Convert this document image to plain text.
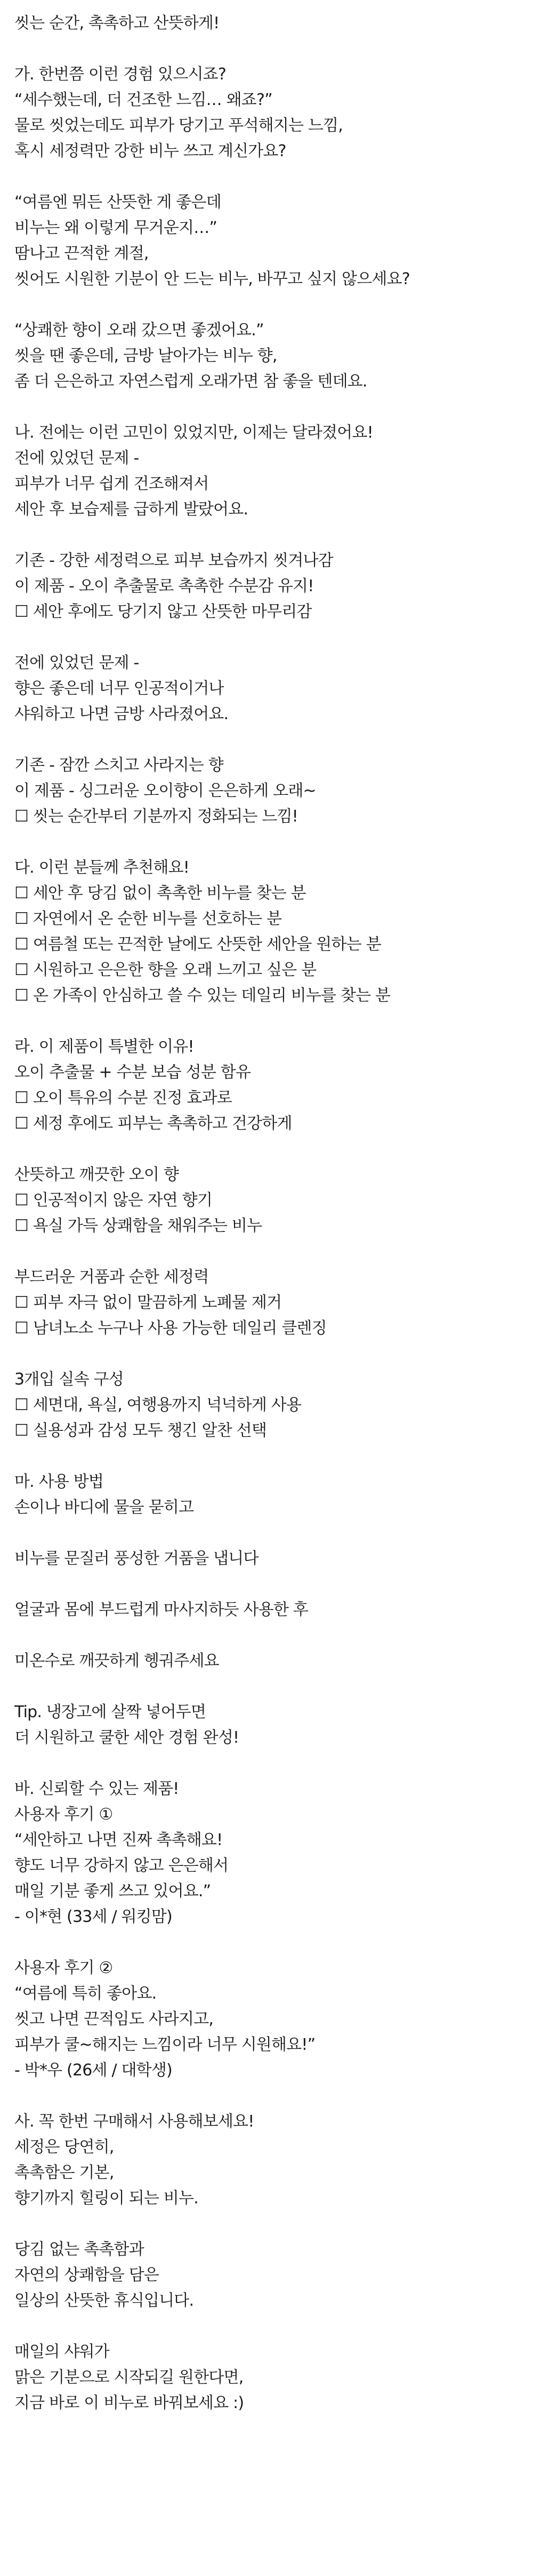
씻는 순간, 촉촉하고 산뜻하게!
가. 한번쯤 이런 경험 있으시죠?
“세수했는데, 더 건조한 느낌… 왜죠?”
물로 씻었는데도 피부가 당기고 푸석해지는 느낌,
혹시 세정력만 강한 비누 쓰고 계신가요?
“여름엔 뭐든 산뜻한 게 좋은데
비누는 왜 이렇게 무거운지…”
땀나고 끈적한 계절,
씻어도 시원한 기분이 안 드는 비누, 바꾸고 싶지 않으세요?
“상쾌한 향이 오래 갔으면 좋겠어요.”
씻을 땐 좋은데, 금방 날아가는 비누 향,
좀 더 은은하고 자연스럽게 오래가면 참 좋을 텐데요.
나. 전에는 이런 고민이 있었지만, 이제는 달라졌어요!
전에 있었던 문제 -
피부가 너무 쉽게 건조해져서
세안 후 보습제를 급하게 발랐어요.
기존 - 강한 세정력으로 피부 보습까지 씻겨나감
이 제품 - 오이 추출물로 촉촉한 수분감 유지!
☐ 세안 후에도 당기지 않고 산뜻한 마무리감
전에 있었던 문제 -
향은 좋은데 너무 인공적이거나
샤워하고 나면 금방 사라졌어요.
기존 - 잠깐 스치고 사라지는 향
이 제품 - 싱그러운 오이향이 은은하게 오래~
☐ 씻는 순간부터 기분까지 정화되는 느낌!
다. 이런 분들께 추천해요!
☐ 세안 후 당김 없이 촉촉한 비누를 찾는 분
☐ 자연에서 온 순한 비누를 선호하는 분
☐ 여름철 또는 끈적한 날에도 산뜻한 세안을 원하는 분
☐ 시원하고 은은한 향을 오래 느끼고 싶은 분
☐ 온 가족이 안심하고 쓸 수 있는 데일리 비누를 찾는 분
라. 이 제품이 특별한 이유!
오이 추출물 + 수분 보습 성분 함유
☐ 오이 특유의 수분 진정 효과로
☐ 세정 후에도 피부는 촉촉하고 건강하게
산뜻하고 깨끗한 오이 향
☐ 인공적이지 않은 자연 향기
☐ 욕실 가득 상쾌함을 채워주는 비누
부드러운 거품과 순한 세정력
☐ 피부 자극 없이 말끔하게 노폐물 제거
☐ 남녀노소 누구나 사용 가능한 데일리 클렌징
3개입 실속 구성
☐ 세면대, 욕실, 여행용까지 넉넉하게 사용
☐ 실용성과 감성 모두 챙긴 알찬 선택
마. 사용 방법
손이나 바디에 물을 묻히고
비누를 문질러 풍성한 거품을 냅니다
얼굴과 몸에 부드럽게 마사지하듯 사용한 후
미온수로 깨끗하게 헹궈주세요
Tip. 냉장고에 살짝 넣어두면
더 시원하고 쿨한 세안 경험 완성!
바. 신뢰할 수 있는 제품!
사용자 후기 ①
“세안하고 나면 진짜 촉촉해요!
향도 너무 강하지 않고 은은해서
매일 기분 좋게 쓰고 있어요.”
- 이*현 (33세 / 워킹맘)
사용자 후기 ②
“여름에 특히 좋아요.
씻고 나면 끈적임도 사라지고,
피부가 쿨~해지는 느낌이라 너무 시원해요!”
- 박*우 (26세 / 대학생)
사. 꼭 한번 구매해서 사용해보세요!
세정은 당연히,
촉촉함은 기본,
향기까지 힐링이 되는 비누.
당김 없는 촉촉함과
자연의 상쾌함을 담은
일상의 산뜻한 휴식입니다.
매일의 샤워가
맑은 기분으로 시작되길 원한다면,
지금 바로 이 비누로 바꿔보세요 :)
